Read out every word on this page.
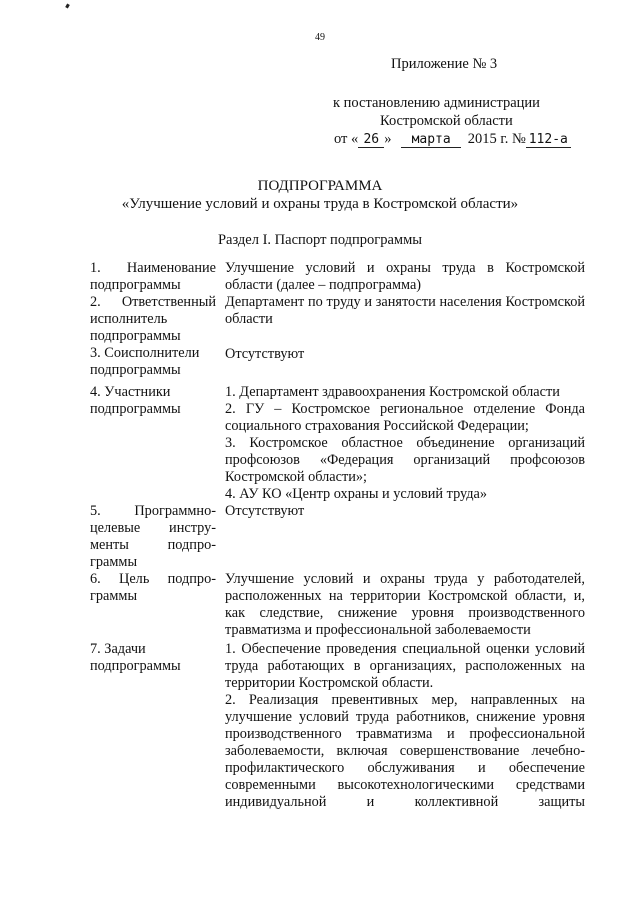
49
Приложение № 3
к постановлению администрации
Костромской области
от « 26 » марта 2015 г. № 112-а
ПОДПРОГРАММА
«Улучшение условий и охраны труда в Костромской области»
Раздел I. Паспорт подпрограммы
1. Наименование
подпрограммы

Улучшение условий и охраны труда в Костромской области (далее – подпрограмма)

2. Ответственный
исполнитель
подпрограммы

Департамент по труду и занятости населения Костромской области

3. Соисполнители
подпрограммы

Отсутствуют

4. Участники
подпрограммы

1. Департамент здравоохранения Костромской области

2. ГУ – Костромское региональное отделение Фонда социального страхования Российской Федерации;

3. Костромское областное объединение организаций профсоюзов «Федерация организаций профсоюзов Костромской области»;

4. АУ КО «Центр охраны и условий труда»

5. Программно-
целевые инстру-
менты подпро-
граммы

Отсутствуют

6. Цель подпро-
граммы

Улучшение условий и охраны труда у работодателей, расположенных на территории Костромской области, и, как следствие, снижение уровня производственного травматизма и профессиональной заболеваемости

7. Задачи
подпрограммы

1. Обеспечение проведения специальной оценки условий труда работающих в организациях, расположенных на территории Костромской области.

2. Реализация превентивных мер, направленных на улучшение условий труда работников, снижение уровня производственного травматизма и профессиональной заболеваемости, включая совершенствование лечебно-профилактического обслуживания и обеспечение современными высокотехнологическими средствами индивидуальной и коллективной защиты
